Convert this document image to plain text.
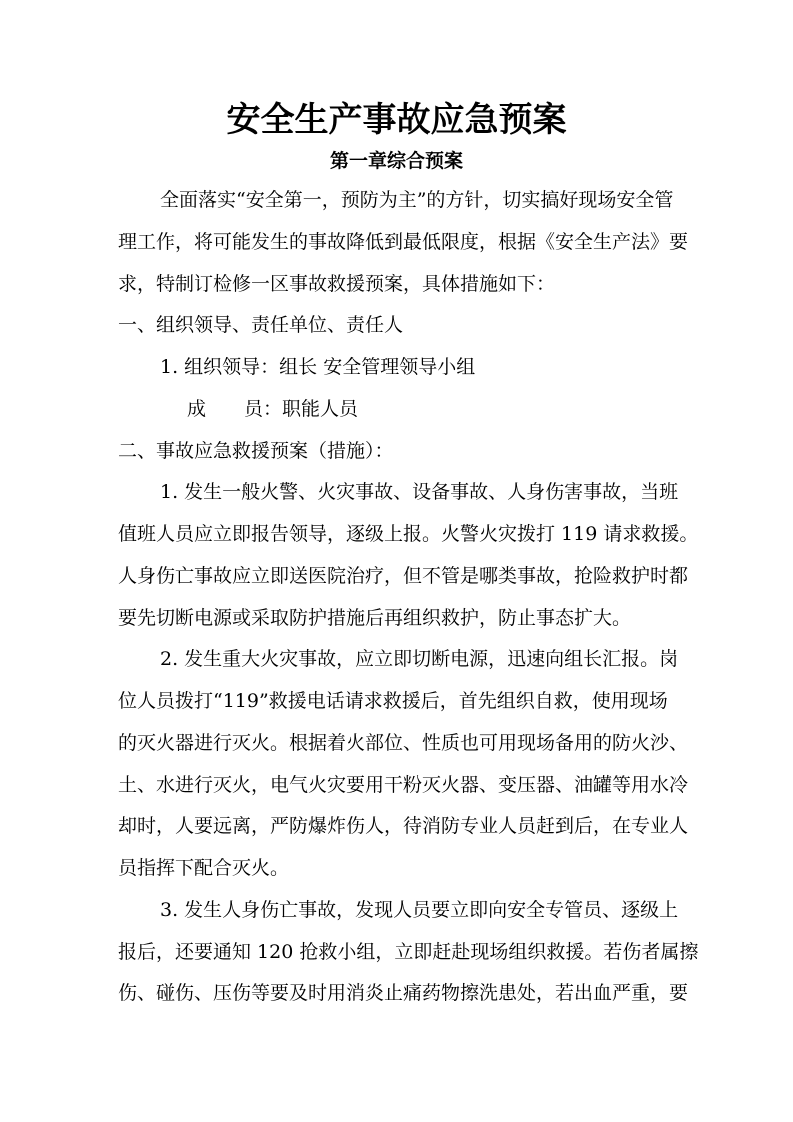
安全生产事故应急预案
第一章综合预案
全面落实“安全第一，预防为主”的方针，切实搞好现场安全管
理工作，将可能发生的事故降低到最低限度，根据《安全生产法》要
求，特制订检修一区事故救援预案，具体措施如下：
一、组织领导、责任单位、责任人
1. 组织领导：组长 安全管理领导小组
成　　员：职能人员
二、事故应急救援预案（措施）：
1. 发生一般火警、火灾事故、设备事故、人身伤害事故，当班
值班人员应立即报告领导，逐级上报。火警火灾拨打 119 请求救援。
人身伤亡事故应立即送医院治疗，但不管是哪类事故，抢险救护时都
要先切断电源或采取防护措施后再组织救护，防止事态扩大。
2. 发生重大火灾事故，应立即切断电源，迅速向组长汇报。岗
位人员拨打“119”救援电话请求救援后，首先组织自救，使用现场
的灭火器进行灭火。根据着火部位、性质也可用现场备用的防火沙、
土、水进行灭火，电气火灾要用干粉灭火器、变压器、油罐等用水冷
却时，人要远离，严防爆炸伤人，待消防专业人员赶到后，在专业人
员指挥下配合灭火。
3. 发生人身伤亡事故，发现人员要立即向安全专管员、逐级上
报后，还要通知 120 抢救小组，立即赶赴现场组织救援。若伤者属擦
伤、碰伤、压伤等要及时用消炎止痛药物擦洗患处，若出血严重，要
